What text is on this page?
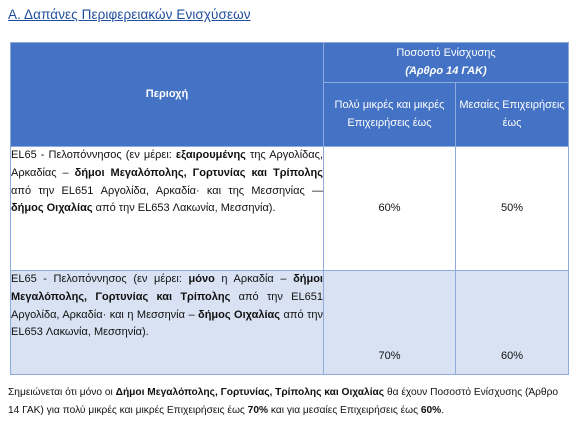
Α. Δαπάνες Περιφερειακών Ενισχύσεων
Περιοχή	Ποσοστό Ενίσχυσης
(Άρθρο 14 ΓΑΚ)	

	Πολύ μικρές και μικρές Επιχειρήσεις έως	Μεσαίες Επιχειρήσεις έως
EL65 - Πελοπόννησος (εν μέρει: εξαιρουμένης της Αργολίδας, Αρκαδίας – δήμοι Μεγαλόπολης, Γορτυνίας και Τρίπολης από την EL651 Αργολίδα, Αρκαδία· και της Μεσσηνίας — δήμος Οιχαλίας από την EL653 Λακωνία, Μεσσηνία).	60%	50%
EL65 - Πελοπόννησος (εν μέρει: μόνο η Αρκαδία – δήμοι Μεγαλόπολης, Γορτυνίας και Τρίπολης από την EL651 Αργολίδα, Αρκαδία· και η Μεσσηνία – δήμος Οιχαλίας από την EL653 Λακωνία, Μεσσηνία).	70%	60%
Σημειώνεται ότι μόνο οι Δήμοι Μεγαλόπολης, Γορτυνίας, Τρίπολης και Οιχαλίας θα έχουν Ποσοστό Ενίσχυσης (Άρθρο 14 ΓΑΚ) για πολύ μικρές και μικρές Επιχειρήσεις έως 70% και για μεσαίες Επιχειρήσεις έως 60%.
